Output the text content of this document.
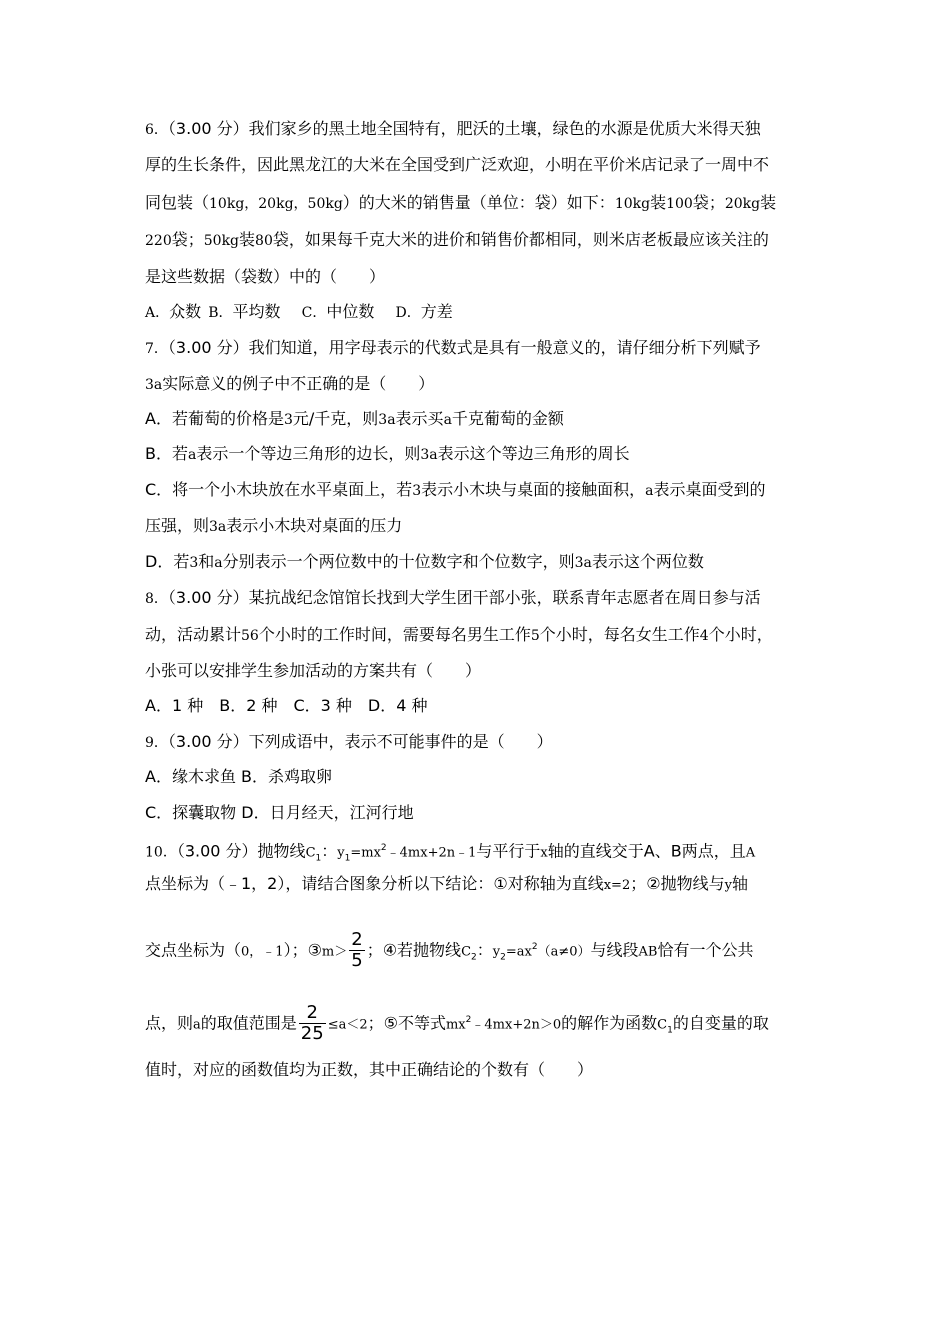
6．（3.00 分）我们家乡的黑土地全国特有，肥沃的土壤，绿色的水源是优质大米得天独
厚的生长条件，因此黑龙江的大米在全国受到广泛欢迎，小明在平价米店记录了一周中不
同包装（10kg，20kg，50kg）的大米的销售量（单位：袋）如下：10kg装100袋；20kg装
220袋；50kg装80袋，如果每千克大米的进价和销售价都相同，则米店老板最应该关注的
是这些数据（袋数）中的（　　）
A．众数 B．平均数 C．中位数 D．方差
7．（3.00 分）我们知道，用字母表示的代数式是具有一般意义的，请仔细分析下列赋予
3a实际意义的例子中不正确的是（　　）
A．若葡萄的价格是3元/千克，则3a表示买a千克葡萄的金额
B．若a表示一个等边三角形的边长，则3a表示这个等边三角形的周长
C．将一个小木块放在水平桌面上，若3表示小木块与桌面的接触面积，a表示桌面受到的
压强，则3a表示小木块对桌面的压力
D．若3和a分别表示一个两位数中的十位数字和个位数字，则3a表示这个两位数
8．（3.00 分）某抗战纪念馆馆长找到大学生团干部小张，联系青年志愿者在周日参与活
动，活动累计56个小时的工作时间，需要每名男生工作5个小时，每名女生工作4个小时，
小张可以安排学生参加活动的方案共有（　　）
A．1 种　B．2 种　C．3 种　D．4 种
9．（3.00 分）下列成语中，表示不可能事件的是（　　）
A．缘木求鱼 B．杀鸡取卵
C．探囊取物 D．日月经天，江河行地
10．（3.00 分）抛物线$C_1$：$y_1=mx^2﹣4mx+2n﹣1$与平行于x轴的直线交于A、B两点，且A
点坐标为（﹣1，2），请结合图象分析以下结论：①对称轴为直线x=2；②抛物线与y轴
交点坐标为（0，﹣1）；③m＞ $\frac{2}{5}$ ；④若抛物线$C_2$：$y_2=ax^2(a\ne 0)$与线段AB恰有一个公共
点，则a的取值范围是 $\frac{2}{25} \le a<2$；⑤不等式$mx^2﹣4mx+2n>0$的解作为函数$C_1$的自变量的取
值时，对应的函数值均为正数，其中正确结论的个数有（　　）
